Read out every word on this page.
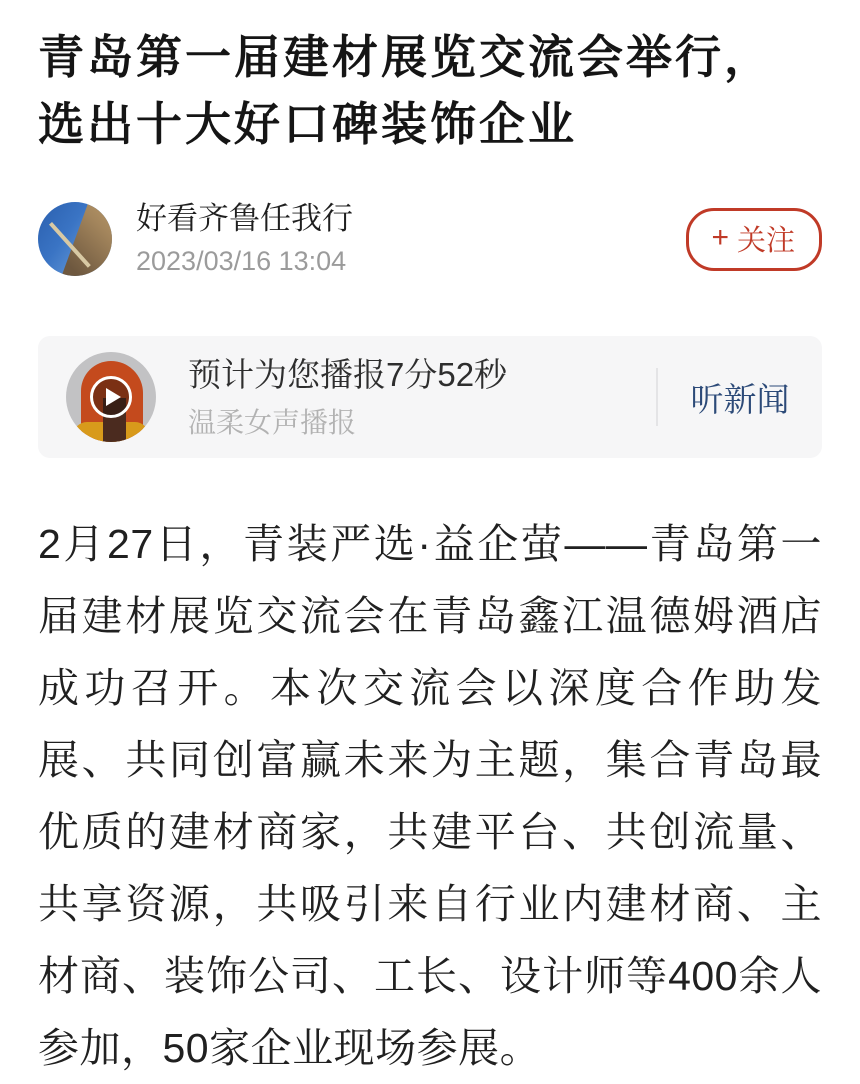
青岛第一届建材展览交流会举行， 选出十大好口碑装饰企业
好看齐鲁任我行
2023/03/16 13:04
+ 关注
预计为您播报7分52秒
温柔女声播报
听新闻

2月27日，青装严选·益企萤——青岛第一届建材展览交流会在青岛鑫江温德姆酒店成功召开。本次交流会以深度合作助发展、共同创富赢未来为主题，集合青岛最优质的建材商家，共建平台、共创流量、共享资源，共吸引来自行业内建材商、主材商、装饰公司、工长、设计师等400余人参加，50家企业现场参展。
